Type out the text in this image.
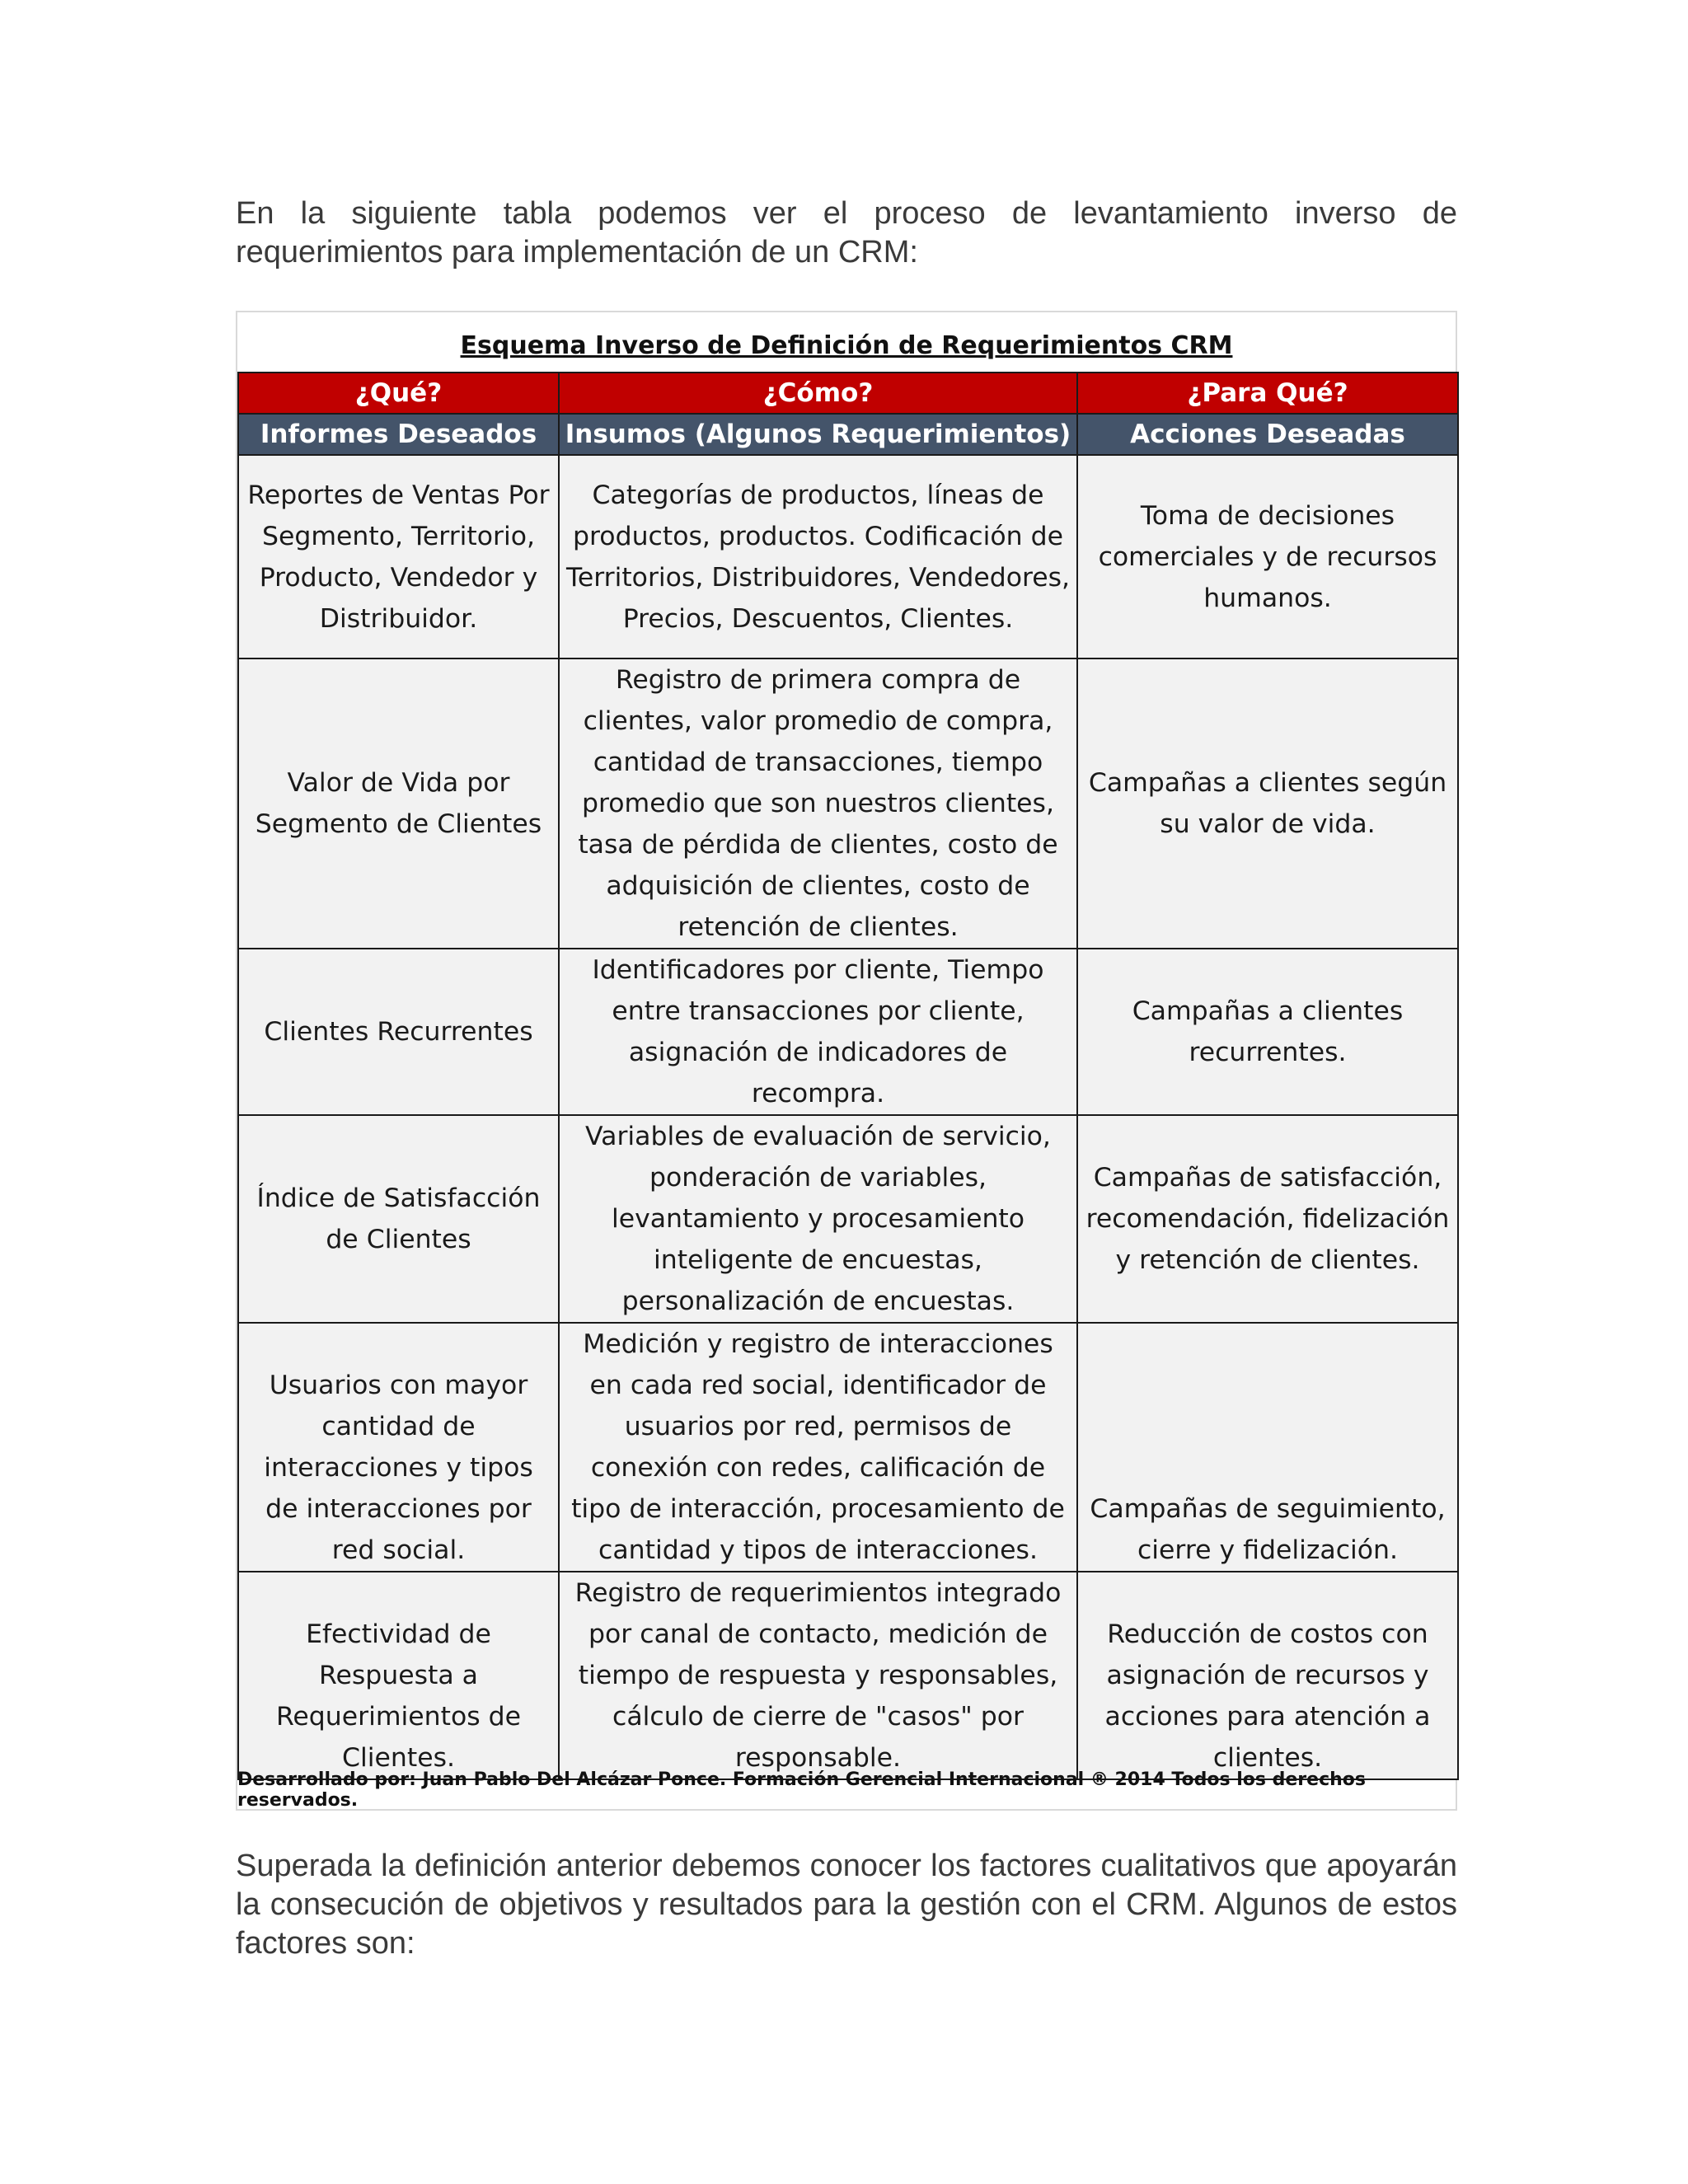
En la siguiente tabla podemos ver el proceso de levantamiento inverso de requerimientos para implementación de un CRM:

Esquema Inverso de Definición de Requerimientos CRM
¿Qué?	¿Cómo?	¿Para Qué?
Informes Deseados	Insumos (Algunos Requerimientos)	Acciones Deseadas
Reportes de Ventas Por Segmento, Territorio, Producto, Vendedor y Distribuidor.	Categorías de productos, líneas de productos, productos. Codificación de Territorios, Distribuidores, Vendedores, Precios, Descuentos, Clientes.	Toma de decisiones comerciales y de recursos humanos.
Valor de Vida por Segmento de Clientes	Registro de primera compra de clientes, valor promedio de compra, cantidad de transacciones, tiempo promedio que son nuestros clientes, tasa de pérdida de clientes, costo de adquisición de clientes, costo de retención de clientes.	Campañas a clientes según su valor de vida.
Clientes Recurrentes	Identificadores por cliente, Tiempo entre transacciones por cliente, asignación de indicadores de recompra.	Campañas a clientes recurrentes.
Índice de Satisfacción de Clientes	Variables de evaluación de servicio, ponderación de variables, levantamiento y procesamiento inteligente de encuestas, personalización de encuestas.	Campañas de satisfacción, recomendación, fidelización y retención de clientes.
Usuarios con mayor cantidad de interacciones y tipos de interacciones por red social.	Medición y registro de interacciones en cada red social, identificador de usuarios por red, permisos de conexión con redes, calificación de tipo de interacción, procesamiento de cantidad y tipos de interacciones.	Campañas de seguimiento, cierre y fidelización.
Efectividad de Respuesta a Requerimientos de Clientes.	Registro de requerimientos integrado por canal de contacto, medición de tiempo de respuesta y responsables, cálculo de cierre de "casos" por responsable.	Reducción de costos con asignación de recursos y acciones para atención a clientes.
Desarrollado por: Juan Pablo Del Alcázar Ponce. Formación Gerencial Internacional ® 2014 Todos los derechos reservados.

Superada la definición anterior debemos conocer los factores cualitativos que apoyarán la consecución de objetivos y resultados para la gestión con el CRM. Algunos de estos factores son:
